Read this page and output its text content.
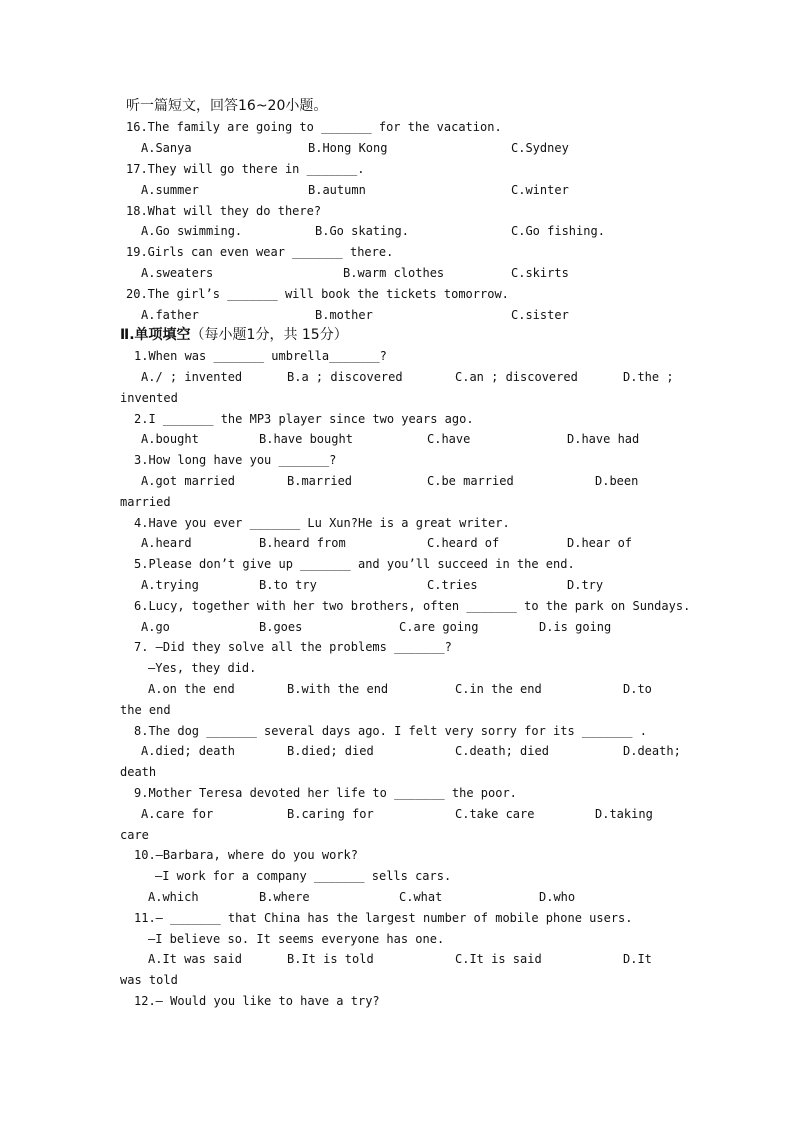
听一篇短文，回答16~20小题。
16.The family are going to _______ for the vacation.

A.Sanya

	B.Hong Kong

	C.Sydney

17.They will go there in _______.

A.summer

	B.autumn

	C.winter

18.What will they do there?

A.Go swimming.

	B.Go skating.

	C.Go fishing.

19.Girls can even wear _______ there.

A.sweaters

	B.warm clothes

	C.skirts

20.The girl’s _______ will book the tickets tomorrow.

A.father

	B.mother

	C.sister

Ⅱ.单项填空（每小题1分，共 15分）
1.When was _______ umbrella_______?

A./ ; invented

	B.a ; discovered

	C.an ; discovered

	D.the ;

invented
2.I _______ the MP3 player since two years ago.

A.bought

	B.have bought

	C.have

	D.have had

3.How long have you _______?

A.got married

	B.married

	C.be married

	D.been

married
4.Have you ever _______ Lu Xun?He is a great writer.

A.heard

	B.heard from

	C.heard of

	D.hear of

5.Please don’t give up _______ and you’ll succeed in the end.

A.trying

	B.to try

	C.tries

	D.try

6.Lucy, together with her two brothers, often _______ to the park on Sundays.

A.go

	B.goes

	C.are going

	D.is going

7. —Did they solve all the problems _______?
—Yes, they did.

A.on the end

	B.with the end

	C.in the end

	D.to

the end
8.The dog _______ several days ago. I felt very sorry for its _______ .

A.died; death

	B.died; died

	C.death; died

	D.death;

death
9.Mother Teresa devoted her life to _______ the poor.

A.care for

	B.caring for

	C.take care

	D.taking

care
10.—Barbara, where do you work?
—I work for a company _______ sells cars.

A.which

	B.where

	C.what

	D.who

11.— _______ that China has the largest number of mobile phone users.
—I believe so. It seems everyone has one.

A.It was said

	B.It is told

	C.It is said

	D.It

was told
12.— Would you like to have a try?
